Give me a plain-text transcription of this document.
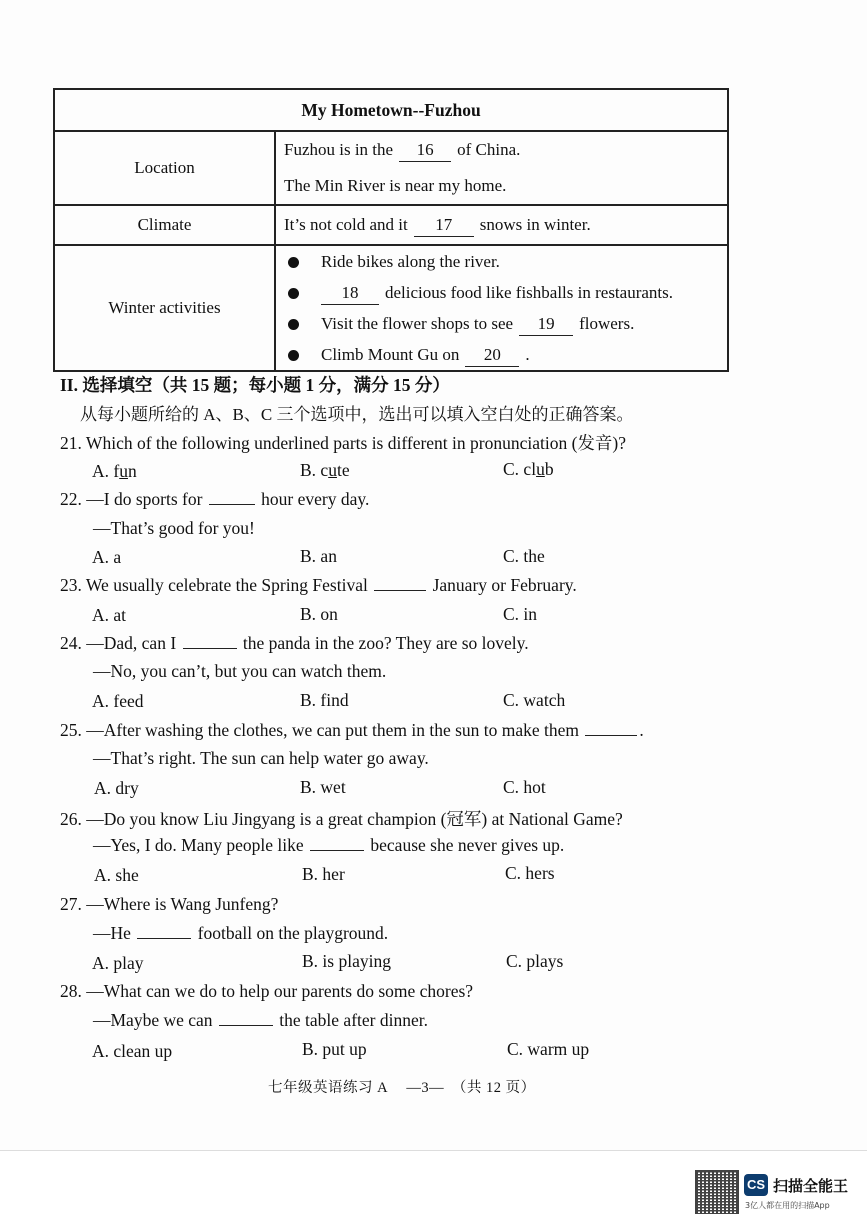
My Hometown--Fuzhou	
Location	Fuzhou is in the 16 of China.
The Min River is near my home.

Climate	It’s not cold and it 17 snows in winter.

Winter activities	Ride bikes along the river.
18 delicious food like fishballs in restaurants.
Visit the flower shops to see 19 flowers.
Climb Mount Gu on 20 .
II. 选择填空（共 15 题；每小题 1 分，满分 15 分）
从每小题所给的 A、B、C 三个选项中，选出可以填入空白处的正确答案。
21. Which of the following underlined parts is different in pronunciation (发音)?
A. fun	B. cute	C. club
22. —I do sports for	hour every day.
—That’s good for you!
A. a	B. an	C. the
23. We usually celebrate the Spring Festival	January or February.
A. at	B. on	C. in
24. —Dad, can I	the panda in the zoo? They are so lovely.
—No, you can’t, but you can watch them.
A. feed	B. find	C. watch
25. —After washing the clothes, we can put them in the sun to make them	.
—That’s right. The sun can help water go away.
A. dry	B. wet	C. hot
26. —Do you know Liu Jingyang is a great champion (冠军) at National Game?
—Yes, I do. Many people like	because she never gives up.
A. she	B. her	C. hers
27. —Where is Wang Junfeng?
—He	football on the playground.
A. play	B. is playing	C. plays
28. —What can we do to help our parents do some chores?
—Maybe we can	the table after dinner.
A. clean up	B. put up	C. warm up
七年级英语练习 A 　—3—　（共 12 页）
CS 扫描全能王
3亿人都在用的扫描App
